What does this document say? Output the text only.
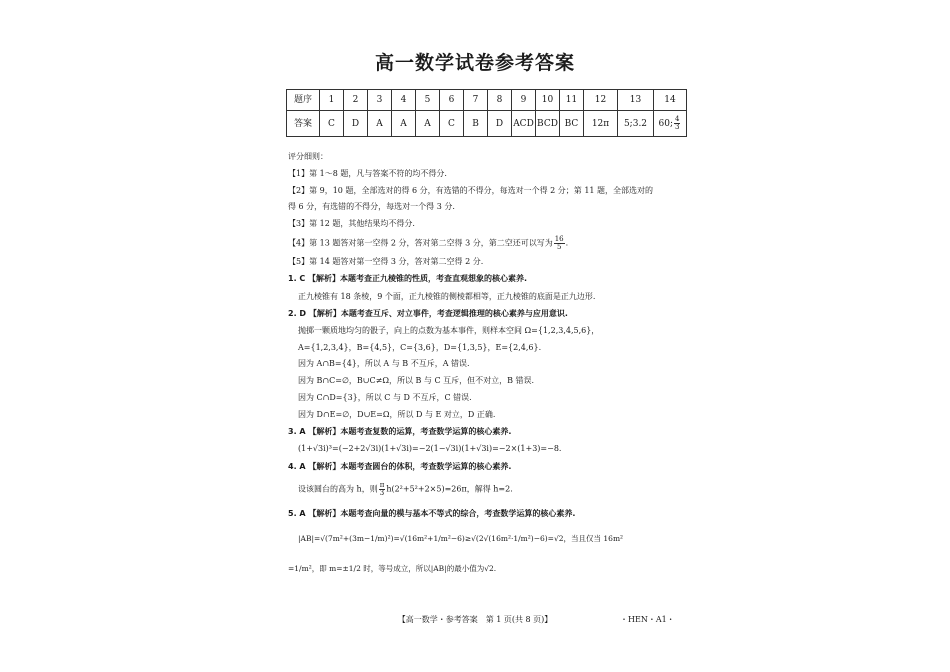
高一数学试卷参考答案
题序	1	2	3	4	5	6	7	8	9	10	11	12	13	14
答案	C	D	A	A	A	C	B	D	ACD	BCD	BC	12π	5;3.2	60; $\frac{4}{3}$
评分细则：
【1】第 1～8 题，凡与答案不符的均不得分.
【2】第 9，10 题，全部选对的得 6 分，有选错的不得分，每选对一个得 2 分；第 11 题，全部选对的
得 6 分，有选错的不得分，每选对一个得 3 分.
【3】第 12 题，其他结果均不得分.
【4】第 13 题答对第一空得 2 分，答对第二空得 3 分，第二空还可以写为 $\frac{16}{5}$ .
【5】第 14 题答对第一空得 3 分，答对第二空得 2 分.
1. C 【解析】本题考查正九棱锥的性质，考查直观想象的核心素养.
正九棱锥有 18 条棱，9 个面，正九棱锥的侧棱都相等，正九棱锥的底面是正九边形.
2. D 【解析】本题考查互斥、对立事件，考查逻辑推理的核心素养与应用意识.
抛掷一颗质地均匀的骰子，向上的点数为基本事件，则样本空间 Ω={1,2,3,4,5,6}，
A={1,2,3,4}，B={4,5}，C={3,6}，D={1,3,5}，E={2,4,6}.
因为 A∩B={4}，所以 A 与 B 不互斥，A 错误.
因为 B∩C=∅，B∪C≠Ω，所以 B 与 C 互斥，但不对立，B 错误.
因为 C∩D={3}，所以 C 与 D 不互斥，C 错误.
因为 D∩E=∅，D∪E=Ω，所以 D 与 E 对立，D 正确.
3. A 【解析】本题考查复数的运算，考查数学运算的核心素养.
(1+√3i)³=(−2+2√3i)(1+√3i)=−2(1−√3i)(1+√3i)=−2×(1+3)=−8.
4. A 【解析】本题考查圆台的体积，考查数学运算的核心素养.
设该圆台的高为 h，则 $\frac{\pi}{3} h(2^2+5^2+2\times 5)=26\pi$，解得 h=2.
5. A 【解析】本题考查向量的模与基本不等式的综合，考查数学运算的核心素养.
|AB|=√(7m²+(3m−1/m)²)=√(16m²+1/m²−6)≥√(2√(16m²·1/m²)−6)=√2，当且仅当 16m²
=1/m²，即 m=±1/2 时，等号成立，所以|AB|的最小值为√2.
【高一数学・参考答案　第 1 页(共 8 页)】	・HEN・A1・
